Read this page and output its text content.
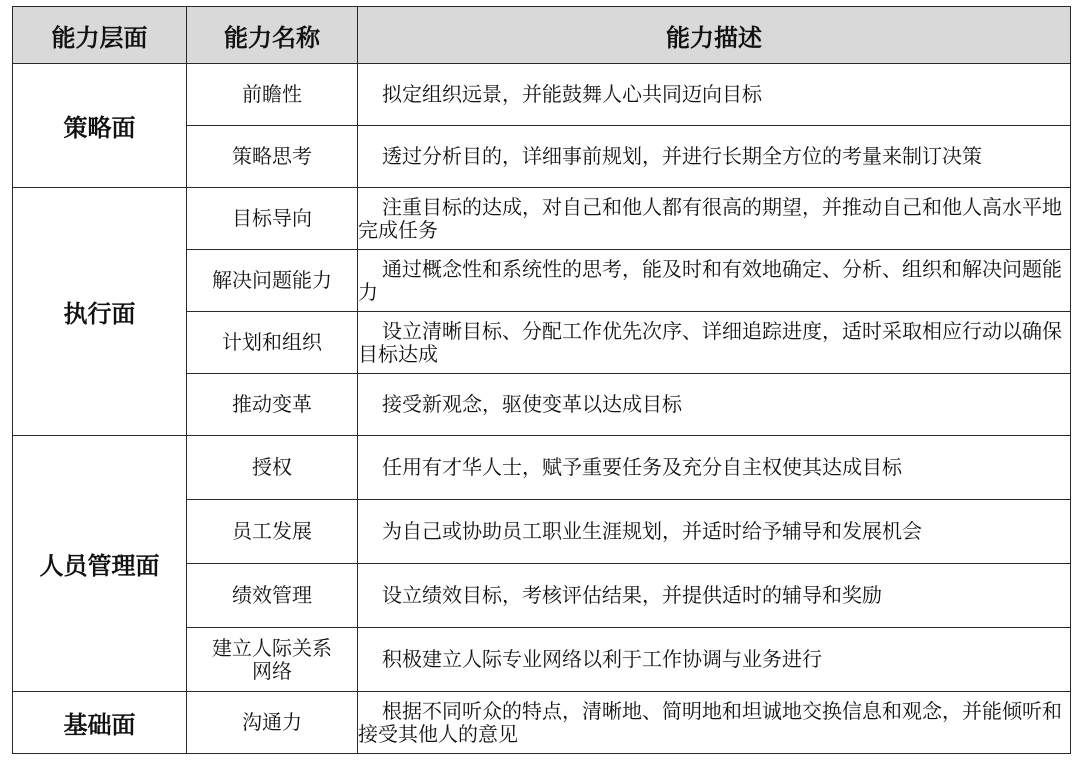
能力层面	能力名称	能力描述
策略面	前瞻性	拟定组织远景，并能鼓舞人心共同迈向目标
	策略思考	透过分析目的，详细事前规划，并进行长期全方位的考量来制订决策
执行面	目标导向	注重目标的达成，对自己和他人都有很高的期望，并推动自己和他人高水平地完成任务
	解决问题能力	通过概念性和系统性的思考，能及时和有效地确定、分析、组织和解决问题能力
	计划和组织	设立清晰目标、分配工作优先次序、详细追踪进度，适时采取相应行动以确保目标达成
	推动变革	接受新观念，驱使变革以达成目标
人员管理面	授权	任用有才华人士，赋予重要任务及充分自主权使其达成目标
	员工发展	为自己或协助员工职业生涯规划，并适时给予辅导和发展机会
	绩效管理	设立绩效目标，考核评估结果，并提供适时的辅导和奖励
	建立人际关系网络	积极建立人际专业网络以利于工作协调与业务进行
基础面	沟通力	根据不同听众的特点，清晰地、简明地和坦诚地交换信息和观念，并能倾听和接受其他人的意见
